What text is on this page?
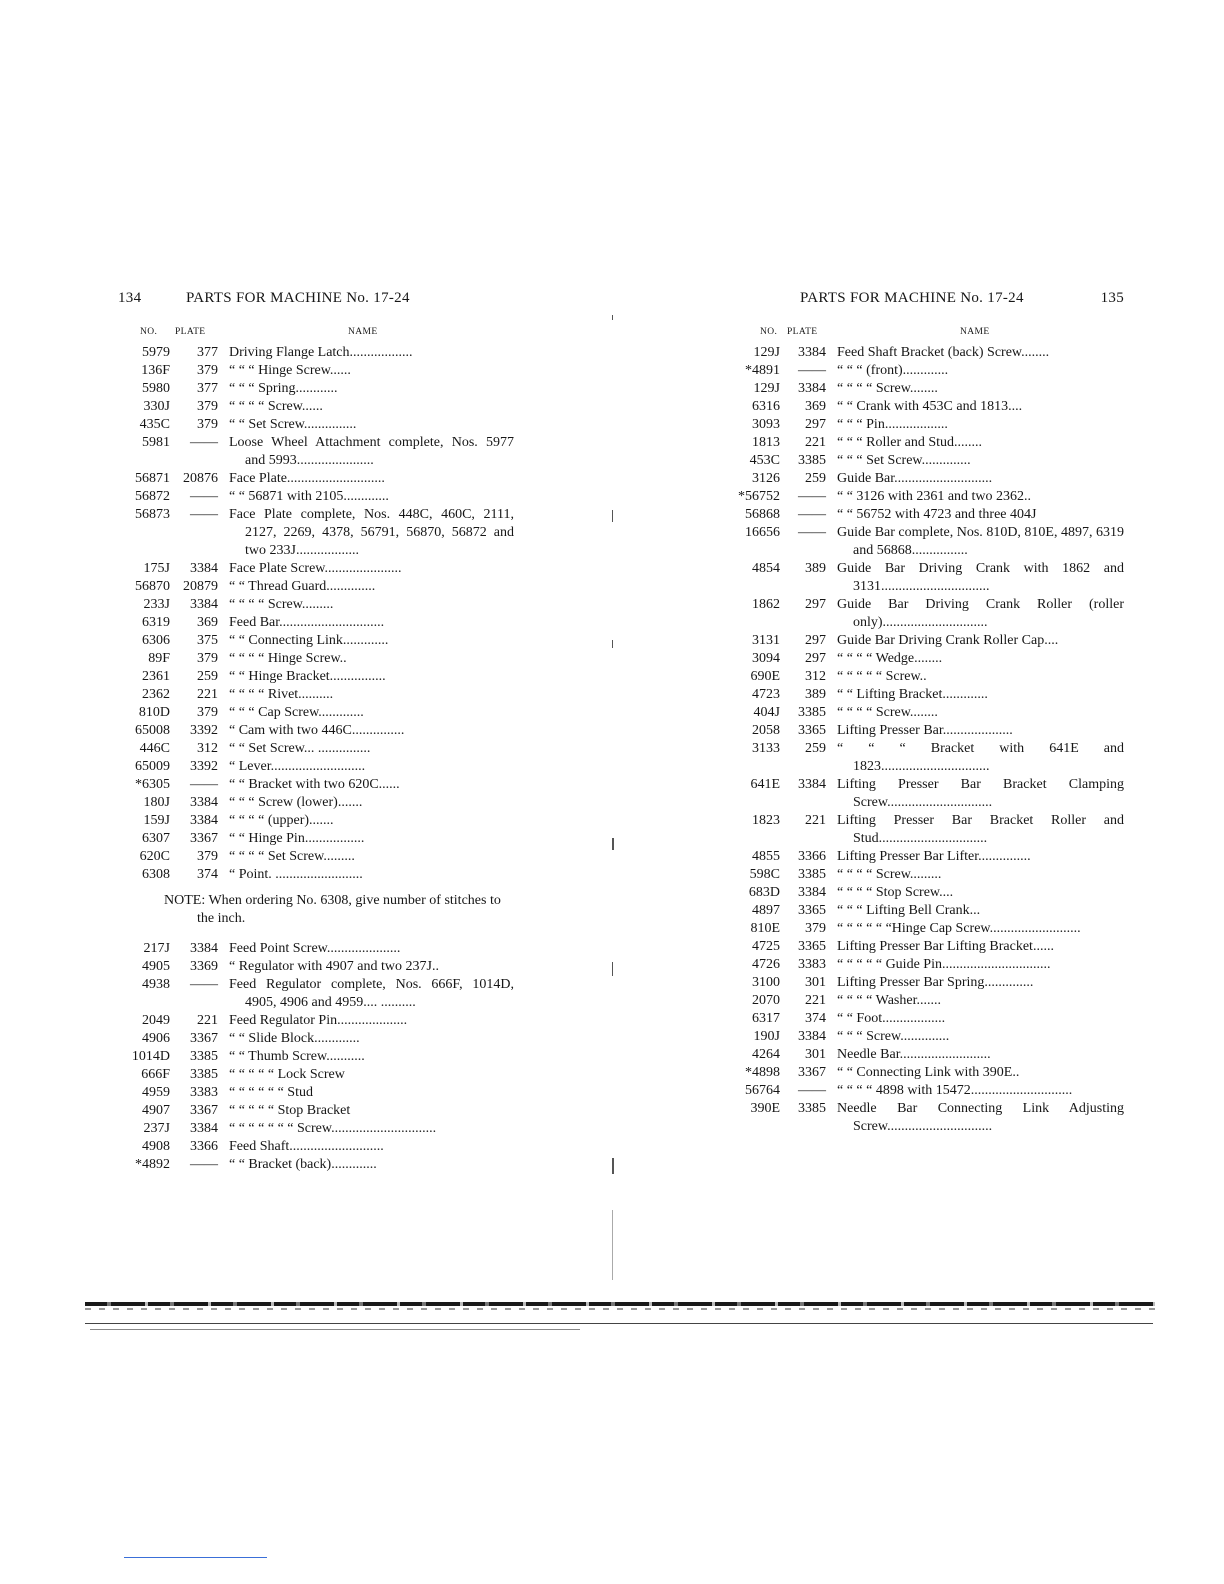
134	PARTS FOR MACHINE No. 17-24
NO. PLATE	NAME
5979	377 Driving Flange Latch..................
136F	379 “ “ “ Hinge Screw......
5980	377 “ “ “ Spring............
330J	379 “ “ “ “ Screw......
435C	379 “ “ Set Screw...............
5981	—— Loose Wheel Attachment complete, Nos. 5977 and 5993......................
56871 20876 Face Plate............................
56872	—— “ “ 56871 with 2105.............
56873	—— Face Plate complete, Nos. 448C, 460C, 2111, 2127, 2269, 4378, 56791, 56870, 56872 and two 233J..................
175J	3384 Face Plate Screw......................
56870 20879 “ “ Thread Guard..............
233J	3384 “ “ “ “ Screw.........
6319	369 Feed Bar..............................
6306	375 “ “ Connecting Link.............
89F	379 “ “ “ “ Hinge Screw..
2361	259 “ “ Hinge Bracket................
2362	221 “ “ “ “ Rivet..........
810D	379 “ “ “ Cap Screw.............
65008	3392 “ Cam with two 446C...............
446C	312 “ “ Set Screw... ...............
65009	3392 “ Lever...........................
*6305	—— “ “ Bracket with two 620C......
180J	3384 “ “ “ Screw (lower).......
159J	3384 “ “ “ “ (upper).......
6307	3367 “ “ Hinge Pin.................
620C	379 “ “ “ “ Set Screw.........
6308	374 “ Point. .........................
NOTE: When ordering No. 6308, give number of stitches to the inch.
217J	3384 Feed Point Screw.....................
4905	3369 “ Regulator with 4907 and two 237J..
4938	—— Feed Regulator complete, Nos. 666F, 1014D, 4905, 4906 and 4959.... ..........
2049	221 Feed Regulator Pin....................
4906	3367 “ “ Slide Block.............
1014D	3385 “ “ Thumb Screw...........
666F	3385 “ “ “ “ “ Lock Screw
4959	3383 “ “ “ “ “ “ Stud
4907	3367 “ “ “ “ “ Stop Bracket
237J	3384 “ “ “ “ “ “ “ Screw..............................
4908	3366 Feed Shaft...........................
*4892	—— “ “ Bracket (back).............
PARTS FOR MACHINE No. 17-24	135
NO. PLATE	NAME
129J	3384 Feed Shaft Bracket (back) Screw........
*4891	—— “ “ “ (front).............
129J	3384 “ “ “ “ Screw........
6316	369 “ “ Crank with 453C and 1813....
3093	297 “ “ “ Pin..................
1813	221 “ “ “ Roller and Stud........
453C	3385 “ “ “ Set Screw..............
3126	259 Guide Bar............................
*56752	—— “ “ 3126 with 2361 and two 2362..
56868	—— “ “ 56752 with 4723 and three 404J
16656	—— Guide Bar complete, Nos. 810D, 810E, 4897, 6319 and 56868................
4854	389 Guide Bar Driving Crank with 1862 and 3131...............................
1862	297 Guide Bar Driving Crank Roller (roller only)..............................
3131	297 Guide Bar Driving Crank Roller Cap....
3094	297 “ “ “ “ Wedge........
690E	312 “ “ “ “ “ Screw..
4723	389 “ “ Lifting Bracket.............
404J	3385 “ “ “ “ Screw........
2058	3365 Lifting Presser Bar....................
3133	259 “ “ “ Bracket with 641E and 1823...............................
641E	3384 Lifting Presser Bar Bracket Clamping Screw..............................
1823	221 Lifting Presser Bar Bracket Roller and Stud...............................
4855	3366 Lifting Presser Bar Lifter...............
598C	3385 “ “ “ “ Screw.........
683D	3384 “ “ “ “ Stop Screw....
4897	3365 “ “ “ Lifting Bell Crank...
810E	379 “ “ “ “ “ “Hinge Cap Screw..........................
4725	3365 Lifting Presser Bar Lifting Bracket......
4726	3383 “ “ “ “ “ Guide Pin...............................
3100	301 Lifting Presser Bar Spring..............
2070	221 “ “ “ “ Washer.......
6317	374 “ “ Foot..................
190J	3384 “ “ “ Screw..............
4264	301 Needle Bar..........................
*4898	3367 “ “ Connecting Link with 390E..
56764	—— “ “ “ “ 4898 with 15472.............................
390E	3385 Needle Bar Connecting Link Adjusting Screw..............................
